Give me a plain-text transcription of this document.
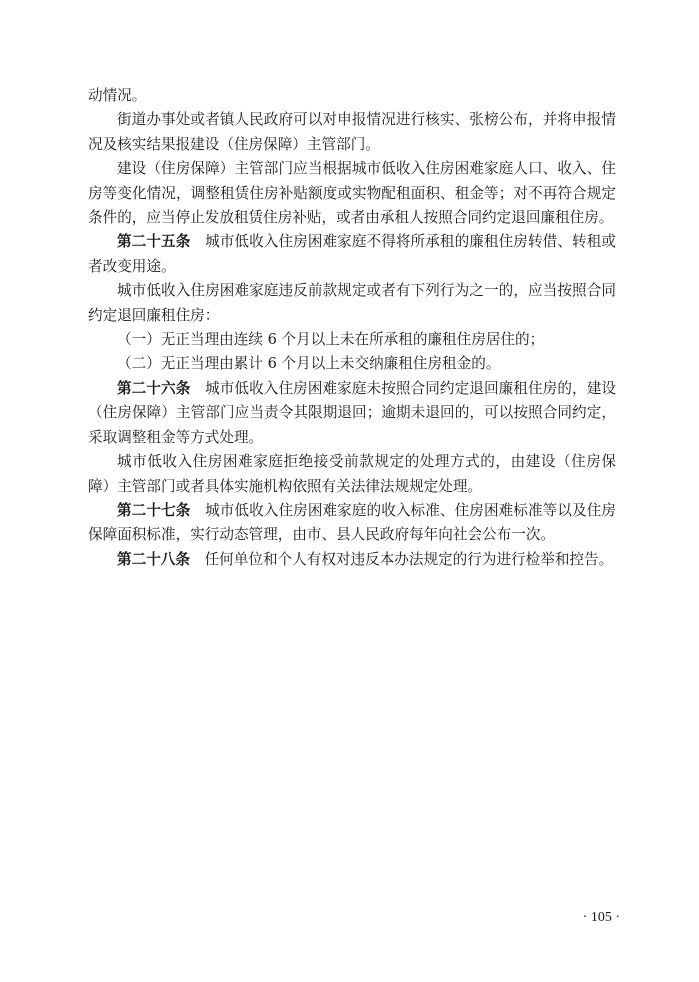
动情况。

街道办事处或者镇人民政府可以对申报情况进行核实、张榜公布，并将申报情况及核实结果报建设（住房保障）主管部门。

建设（住房保障）主管部门应当根据城市低收入住房困难家庭人口、收入、住房等变化情况，调整租赁住房补贴额度或实物配租面积、租金等；对不再符合规定条件的，应当停止发放租赁住房补贴，或者由承租人按照合同约定退回廉租住房。

第二十五条　城市低收入住房困难家庭不得将所承租的廉租住房转借、转租或者改变用途。

城市低收入住房困难家庭违反前款规定或者有下列行为之一的，应当按照合同约定退回廉租住房：

（一）无正当理由连续 6 个月以上未在所承租的廉租住房居住的；

（二）无正当理由累计 6 个月以上未交纳廉租住房租金的。

第二十六条　城市低收入住房困难家庭未按照合同约定退回廉租住房的，建设（住房保障）主管部门应当责令其限期退回；逾期未退回的，可以按照合同约定，采取调整租金等方式处理。

城市低收入住房困难家庭拒绝接受前款规定的处理方式的，由建设（住房保障）主管部门或者具体实施机构依照有关法律法规规定处理。

第二十七条　城市低收入住房困难家庭的收入标准、住房困难标准等以及住房保障面积标准，实行动态管理，由市、县人民政府每年向社会公布一次。

第二十八条　任何单位和个人有权对违反本办法规定的行为进行检举和控告。

· 105 ·
